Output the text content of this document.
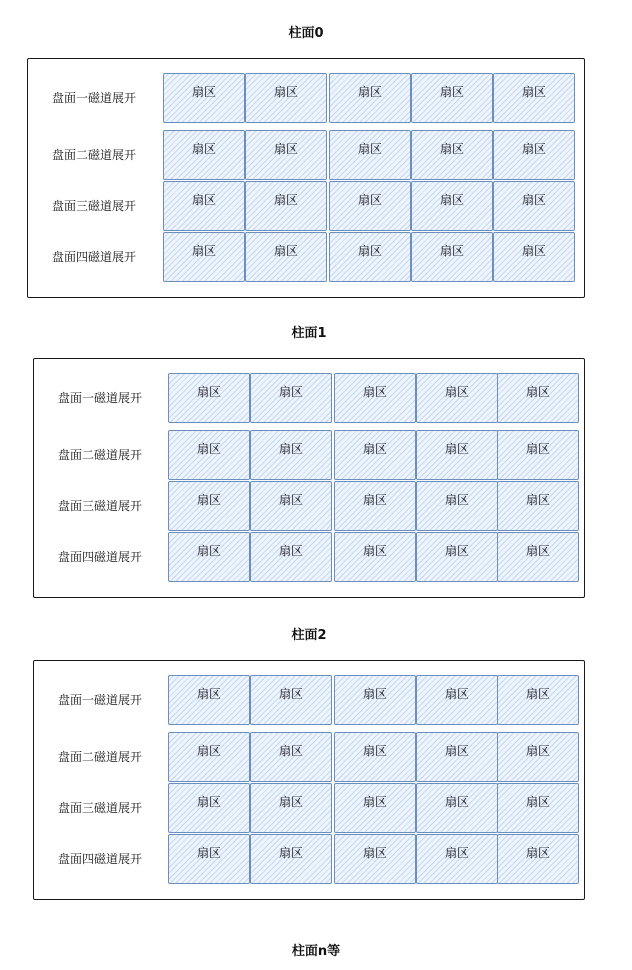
柱面0
盘面一磁道展开	扇区	扇区	扇区	扇区	扇区
盘面二磁道展开	扇区	扇区	扇区	扇区	扇区
盘面三磁道展开	扇区	扇区	扇区	扇区	扇区
盘面四磁道展开	扇区	扇区	扇区	扇区	扇区
柱面1
盘面一磁道展开	扇区	扇区	扇区	扇区	扇区
盘面二磁道展开	扇区	扇区	扇区	扇区	扇区
盘面三磁道展开	扇区	扇区	扇区	扇区	扇区
盘面四磁道展开	扇区	扇区	扇区	扇区	扇区
柱面2
盘面一磁道展开	扇区	扇区	扇区	扇区	扇区
盘面二磁道展开	扇区	扇区	扇区	扇区	扇区
盘面三磁道展开	扇区	扇区	扇区	扇区	扇区
盘面四磁道展开	扇区	扇区	扇区	扇区	扇区
柱面n等
